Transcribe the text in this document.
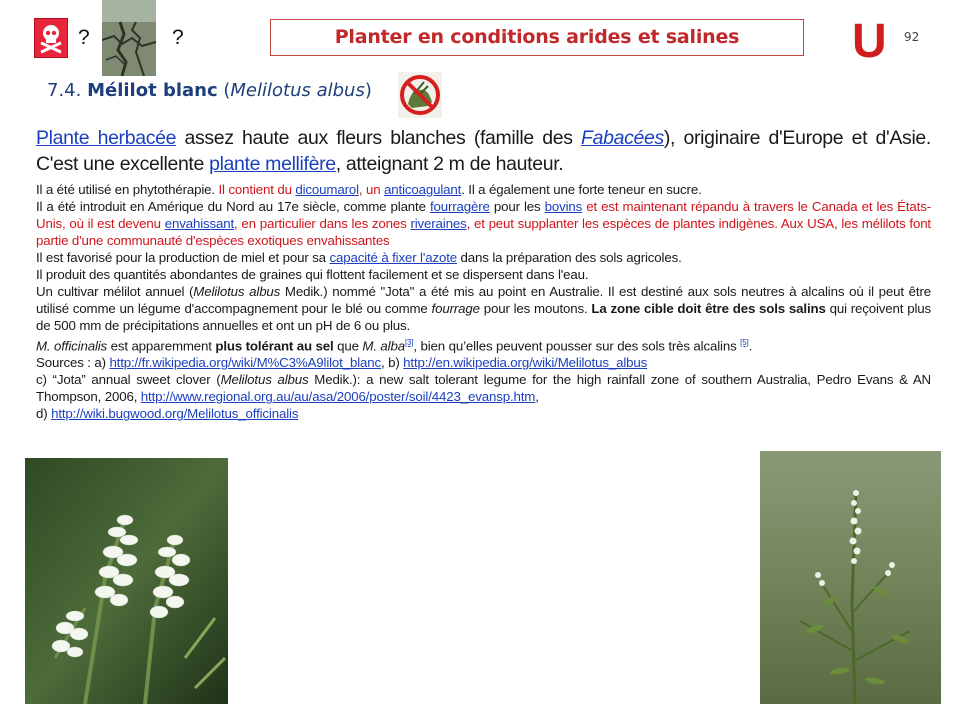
?	?	Planter en conditions arides et salines	U 92
7.4. Mélilot blanc (Melilotus albus)
Plante herbacée assez haute aux fleurs blanches (famille des Fabacées), originaire d'Europe et d'Asie. C'est une excellente plante mellifère, atteignant 2 m de hauteur.

Il a été utilisé en phytothérapie. Il contient du dicoumarol, un anticoagulant. Il a également une forte teneur en sucre.

Il a été introduit en Amérique du Nord au 17e siècle, comme plante fourragère pour les bovins et est maintenant répandu à travers le Canada et les États-Unis, où il est devenu envahissant, en particulier dans les zones riveraines, et peut supplanter les espèces de plantes indigènes. Aux USA, les mélilots font partie d'une communauté d'espèces exotiques envahissantes

Il est favorisé pour la production de miel et pour sa capacité à fixer l'azote dans la préparation des sols agricoles.

Il produit des quantités abondantes de graines qui flottent facilement et se dispersent dans l'eau.

Un cultivar mélilot annuel (Melilotus albus Medik.) nommé "Jota" a été mis au point en Australie. Il est destiné aux sols neutres à alcalins où il peut être utilisé comme un légume d'accompagnement pour le blé ou comme fourrage pour les moutons. La zone cible doit être des sols salins qui reçoivent plus de 500 mm de précipitations annuelles et ont un pH de 6 ou plus.

M. officinalis est apparemment plus tolérant au sel que M. alba[3], bien qu’elles peuvent pousser sur des sols très alcalins [5].

Sources : a) http://fr.wikipedia.org/wiki/M%C3%A9lilot_blanc, b) http://en.wikipedia.org/wiki/Melilotus_albus

c) “Jota” annual sweet clover (Melilotus albus Medik.): a new salt tolerant legume for the high rainfall zone of southern Australia, Pedro Evans & AN Thompson, 2006, http://www.regional.org.au/au/asa/2006/poster/soil/4423_evansp.htm,

d) http://wiki.bugwood.org/Melilotus_officinalis
